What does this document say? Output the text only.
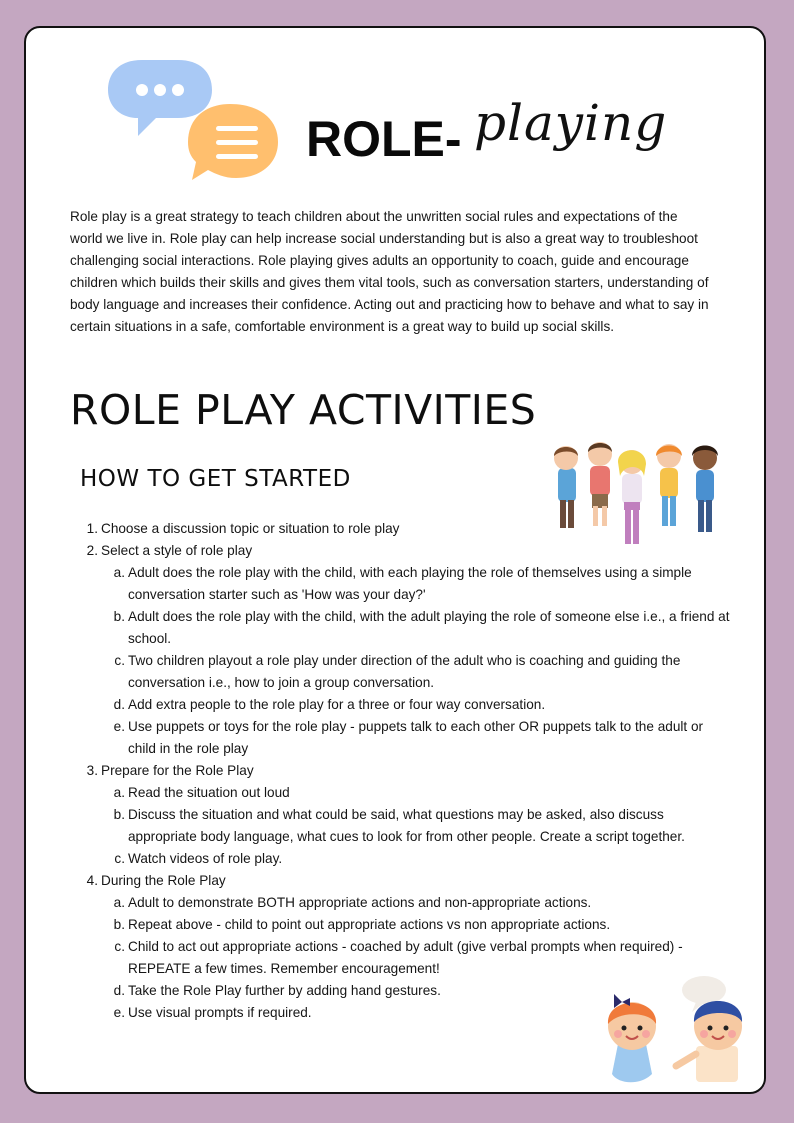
ROLE- playing

Role play is a great strategy to teach children about the unwritten social rules and expectations of the world we live in. Role play can help increase social understanding but is also a great way to troubleshoot challenging social interactions. Role playing gives adults an opportunity to coach, guide and encourage children which builds their skills and gives them vital tools, such as conversation starters, understanding of body language and increases their confidence. Acting out and practicing how to behave and what to say in certain situations in a safe, comfortable environment is a great way to build up social skills.

ROLE PLAY ACTIVITIES
HOW TO GET STARTED
1. Choose a discussion topic or situation to role play
2. Select a style of role play
a. Adult does the role play with the child, with each playing the role of themselves using a simple conversation starter such as 'How was your day?'
b. Adult does the role play with the child, with the adult playing the role of someone else i.e., a friend at school.
c. Two children playout a role play under direction of the adult who is coaching and guiding the conversation i.e., how to join a group conversation.
d. Add extra people to the role play for a three or four way conversation.
e. Use puppets or toys for the role play - puppets talk to each other OR puppets talk to the adult or child in the role play
3. Prepare for the Role Play
a. Read the situation out loud
b. Discuss the situation and what could be said, what questions may be asked, also discuss appropriate body language, what cues to look for from other people. Create a script together.
c. Watch videos of role play.
4. During the Role Play
a. Adult to demonstrate BOTH appropriate actions and non-appropriate actions.
b. Repeat above - child to point out appropriate actions vs non appropriate actions.
c. Child to act out appropriate actions - coached by adult (give verbal prompts when required) - REPEATE a few times. Remember encouragement!
d. Take the Role Play further by adding hand gestures.
e. Use visual prompts if required.
